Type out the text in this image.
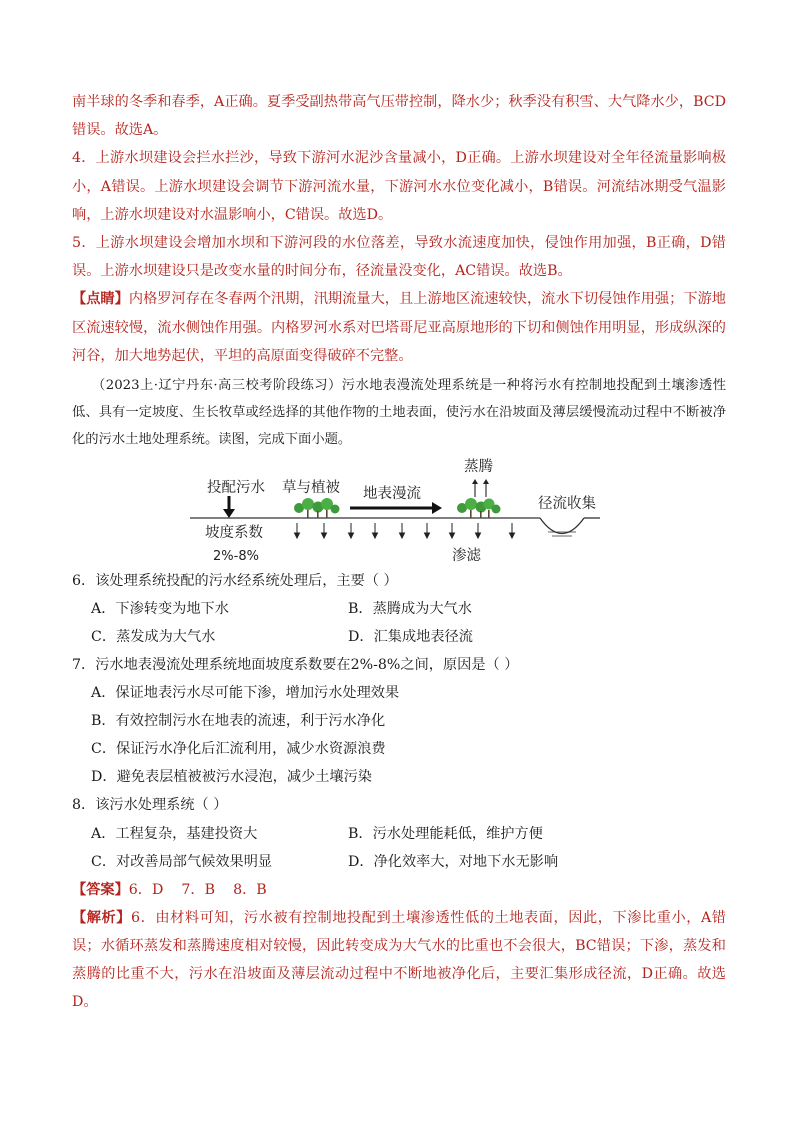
南半球的冬季和春季，A正确。夏季受副热带高气压带控制，降水少；秋季没有积雪、大气降水少，BCD错误。故选A。

4．上游水坝建设会拦水拦沙，导致下游河水泥沙含量减小，D正确。上游水坝建设对全年径流量影响极小，A错误。上游水坝建设会调节下游河流水量，下游河水水位变化减小，B错误。河流结冰期受气温影响，上游水坝建设对水温影响小，C错误。故选D。

5．上游水坝建设会增加水坝和下游河段的水位落差，导致水流速度加快，侵蚀作用加强，B正确，D错误。上游水坝建设只是改变水量的时间分布，径流量没变化，AC错误。故选B。

【点睛】内格罗河存在冬春两个汛期，汛期流量大，且上游地区流速较快，流水下切侵蚀作用强；下游地区流速较慢，流水侧蚀作用强。内格罗河水系对巴塔哥尼亚高原地形的下切和侧蚀作用明显，形成纵深的河谷，加大地势起伏，平坦的高原面变得破碎不完整。

（2023上·辽宁丹东·高三校考阶段练习）污水地表漫流处理系统是一种将污水有控制地投配到土壤渗透性低、具有一定坡度、生长牧草或经选择的其他作物的土地表面，使污水在沿坡面及薄层缓慢流动过程中不断被净化的污水土地处理系统。读图，完成下面小题。

投配污水 草与植被 地表漫流
蒸腾
径流收集
坡度系数
2%-8%	渗滤

6．该处理系统投配的污水经系统处理后，主要（ ）

A．下渗转变为地下水	B．蒸腾成为大气水
C．蒸发成为大气水	D．汇集成地表径流

7．污水地表漫流处理系统地面坡度系数要在2%-8%之间，原因是（ ）

A．保证地表污水尽可能下渗，增加污水处理效果
B．有效控制污水在地表的流速，利于污水净化
C．保证污水净化后汇流利用，减少水资源浪费
D．避免表层植被被污水浸泡，减少土壤污染

8．该污水处理系统（ ）

A．工程复杂，基建投资大	B．污水处理能耗低，维护方便
C．对改善局部气候效果明显	D．净化效率大，对地下水无影响

【答案】6．D    7．B    8．B

【解析】6．由材料可知，污水被有控制地投配到土壤渗透性低的土地表面，因此，下渗比重小，A错误；水循环蒸发和蒸腾速度相对较慢，因此转变成为大气水的比重也不会很大，BC错误；下渗，蒸发和蒸腾的比重不大，污水在沿坡面及薄层流动过程中不断地被净化后，主要汇集形成径流，D正确。故选D。
